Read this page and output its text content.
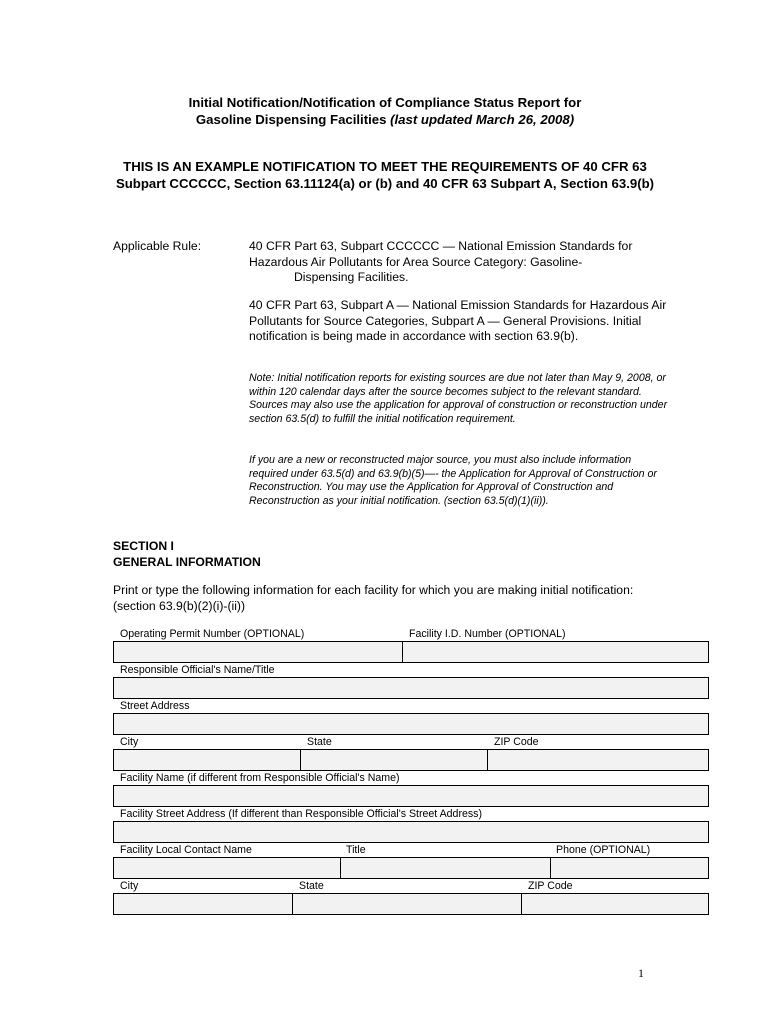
Initial Notification/Notification of Compliance Status Report for
Gasoline Dispensing Facilities (last updated March 26, 2008)
THIS IS AN EXAMPLE NOTIFICATION TO MEET THE REQUIREMENTS OF 40 CFR 63 Subpart CCCCCC, Section 63.11124(a) or (b) and 40 CFR 63 Subpart A, Section 63.9(b)
Applicable Rule:	40 CFR Part 63, Subpart CCCCCC — National Emission Standards for Hazardous Air Pollutants for Area Source Category: Gasoline-
Dispensing Facilities.
40 CFR Part 63, Subpart A — National Emission Standards for Hazardous Air Pollutants for Source Categories, Subpart A — General Provisions. Initial notification is being made in accordance with section 63.9(b).
Note: Initial notification reports for existing sources are due not later than May 9, 2008, or within 120 calendar days after the source becomes subject to the relevant standard. Sources may also use the application for approval of construction or reconstruction under section 63.5(d) to fulfill the initial notification requirement.
If you are a new or reconstructed major source, you must also include information required under 63.5(d) and 63.9(b)(5)—- the Application for Approval of Construction or Reconstruction. You may use the Application for Approval of Construction and Reconstruction as your initial notification. (section 63.5(d)(1)(ii)).
SECTION I
GENERAL INFORMATION
Print or type the following information for each facility for which you are making initial notification: (section 63.9(b)(2)(i)-(ii))
Operating Permit Number (OPTIONAL)	Facility I.D. Number (OPTIONAL)
Responsible Official's Name/Title
Street Address
City	State	ZIP Code
Facility Name (if different from Responsible Official's Name)
Facility Street Address (If different than Responsible Official's Street Address)
Facility Local Contact Name	Title	Phone (OPTIONAL)
City	State	ZIP Code
1
